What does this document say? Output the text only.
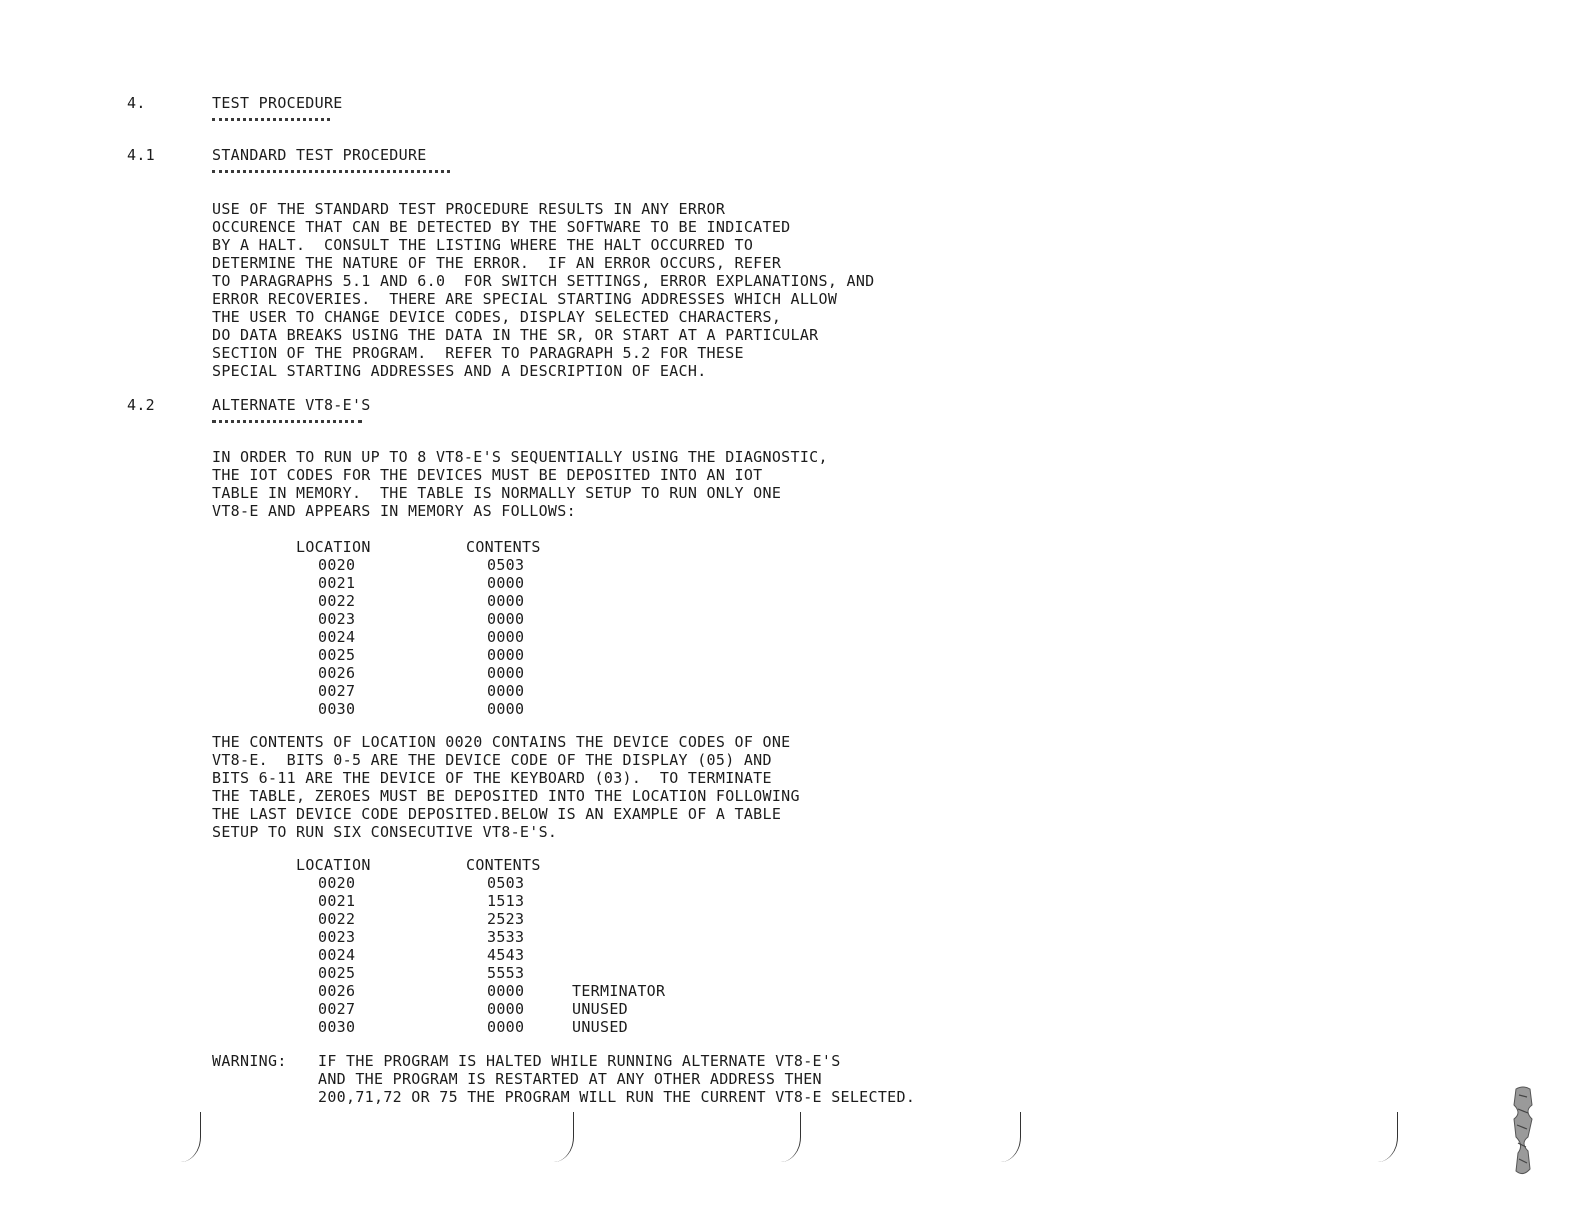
4.	TEST PROCEDURE

4.1	STANDARD TEST PROCEDURE

USE OF THE STANDARD TEST PROCEDURE RESULTS IN ANY ERROR

OCCURENCE THAT CAN BE DETECTED BY THE SOFTWARE TO BE INDICATED

BY A HALT.  CONSULT THE LISTING WHERE THE HALT OCCURRED TO

DETERMINE THE NATURE OF THE ERROR.  IF AN ERROR OCCURS, REFER

TO PARAGRAPHS 5.1 AND 6.0  FOR SWITCH SETTINGS, ERROR EXPLANATIONS, AND

ERROR RECOVERIES.  THERE ARE SPECIAL STARTING ADDRESSES WHICH ALLOW

THE USER TO CHANGE DEVICE CODES, DISPLAY SELECTED CHARACTERS,

DO DATA BREAKS USING THE DATA IN THE SR, OR START AT A PARTICULAR

SECTION OF THE PROGRAM.  REFER TO PARAGRAPH 5.2 FOR THESE

SPECIAL STARTING ADDRESSES AND A DESCRIPTION OF EACH.

4.2	ALTERNATE VT8-E'S

IN ORDER TO RUN UP TO 8 VT8-E'S SEQUENTIALLY USING THE DIAGNOSTIC,

THE IOT CODES FOR THE DEVICES MUST BE DEPOSITED INTO AN IOT

TABLE IN MEMORY.  THE TABLE IS NORMALLY SETUP TO RUN ONLY ONE

VT8-E AND APPEARS IN MEMORY AS FOLLOWS:

LOCATION	CONTENTS

0020	0503

0021	0000

0022	0000

0023	0000

0024	0000

0025	0000

0026	0000

0027	0000

0030	0000

THE CONTENTS OF LOCATION 0020 CONTAINS THE DEVICE CODES OF ONE

VT8-E.  BITS 0-5 ARE THE DEVICE CODE OF THE DISPLAY (05) AND

BITS 6-11 ARE THE DEVICE OF THE KEYBOARD (03).  TO TERMINATE

THE TABLE, ZEROES MUST BE DEPOSITED INTO THE LOCATION FOLLOWING

THE LAST DEVICE CODE DEPOSITED.BELOW IS AN EXAMPLE OF A TABLE

SETUP TO RUN SIX CONSECUTIVE VT8-E'S.

LOCATION	CONTENTS

0020	0503

0021	1513

0022	2523

0023	3533

0024	4543

0025	5553

0026	0000	TERMINATOR

0027	0000	UNUSED

0030	0000	UNUSED

WARNING: IF THE PROGRAM IS HALTED WHILE RUNNING ALTERNATE VT8-E'S

AND THE PROGRAM IS RESTARTED AT ANY OTHER ADDRESS THEN

200,71,72 OR 75 THE PROGRAM WILL RUN THE CURRENT VT8-E SELECTED.
